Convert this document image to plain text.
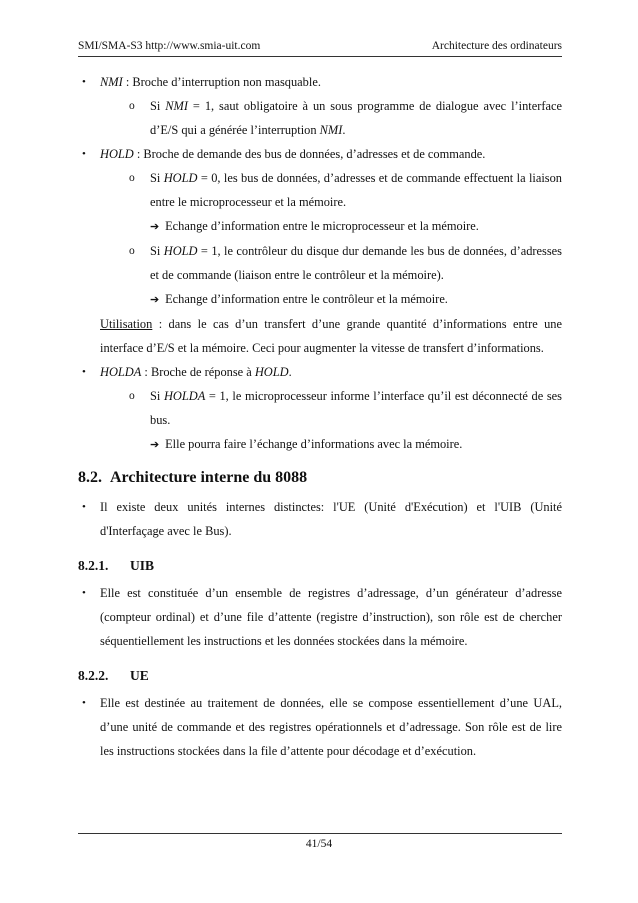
SMI/SMA-S3 http://www.smia-uit.com	Architecture des ordinateurs
• NMI : Broche d’interruption non masquable.
o Si NMI = 1, saut obligatoire à un sous programme de dialogue avec l’interface d’E/S qui a générée l’interruption NMI.
• HOLD : Broche de demande des bus de données, d’adresses et de commande.
o Si HOLD = 0, les bus de données, d’adresses et de commande effectuent la liaison entre le microprocesseur et la mémoire.
➔ Echange d’information entre le microprocesseur et la mémoire.
o Si HOLD = 1, le contrôleur du disque dur demande les bus de données, d’adresses et de commande (liaison entre le contrôleur et la mémoire).
➔ Echange d’information entre le contrôleur et la mémoire.
Utilisation : dans le cas d’un transfert d’une grande quantité d’informations entre une interface d’E/S et la mémoire. Ceci pour augmenter la vitesse de transfert d’informations.
• HOLDA : Broche de réponse à HOLD.
o Si HOLDA = 1, le microprocesseur informe l’interface qu’il est déconnecté de ses bus.
➔ Elle pourra faire l’échange d’informations avec la mémoire.
8.2. Architecture interne du 8088
• Il existe deux unités internes distinctes: l'UE (Unité d'Exécution) et l'UIB (Unité d'Interfaçage avec le Bus).
8.2.1. UIB
• Elle est constituée d’un ensemble de registres d’adressage, d’un générateur d’adresse (compteur ordinal) et d’une file d’attente (registre d’instruction), son rôle est de chercher séquentiellement les instructions et les données stockées dans la mémoire.
8.2.2. UE
• Elle est destinée au traitement de données, elle se compose essentiellement d’une UAL, d’une unité de commande et des registres opérationnels et d’adressage. Son rôle est de lire les instructions stockées dans la file d’attente pour décodage et d’exécution.
41/54
